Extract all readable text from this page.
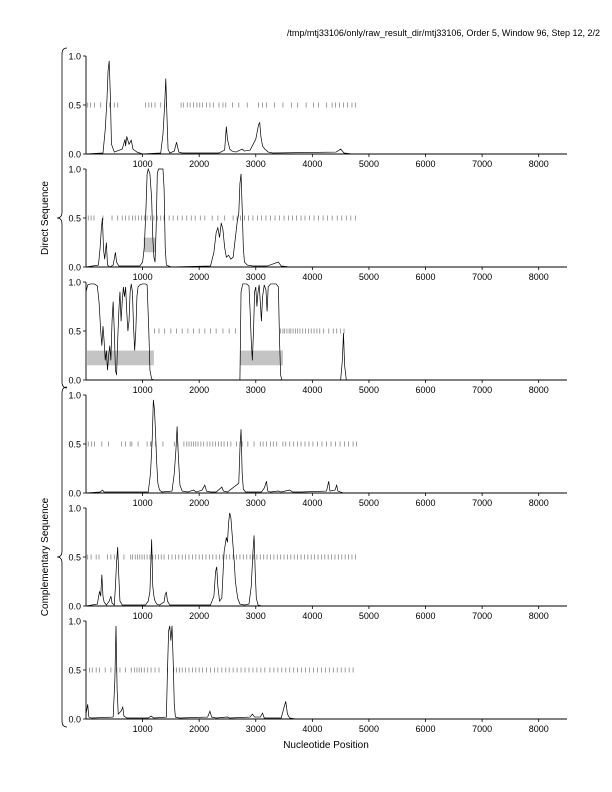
/tmp/mtj33106/only/raw_result_dir/mtj33106, Order 5, Window 96, Step 12, 2/2
0.0
0.5
1.0
1000	2000	3000	4000	5000	6000	7000	8000
0.0
0.5
1.0
1000	2000	3000	4000	5000	6000	7000	8000
0.0
0.5
1.0
1000	2000	3000	4000	5000	6000	7000	8000
0.0
0.5
1.0
1000	2000	3000	4000	5000	6000	7000	8000
0.0
0.5
1.0
1000	2000	3000	4000	5000	6000	7000	8000
0.0
0.5
1.0
1000	2000	3000	4000	5000	6000	7000	8000
Direct Sequence
Complementary Sequence
Nucleotide Position
